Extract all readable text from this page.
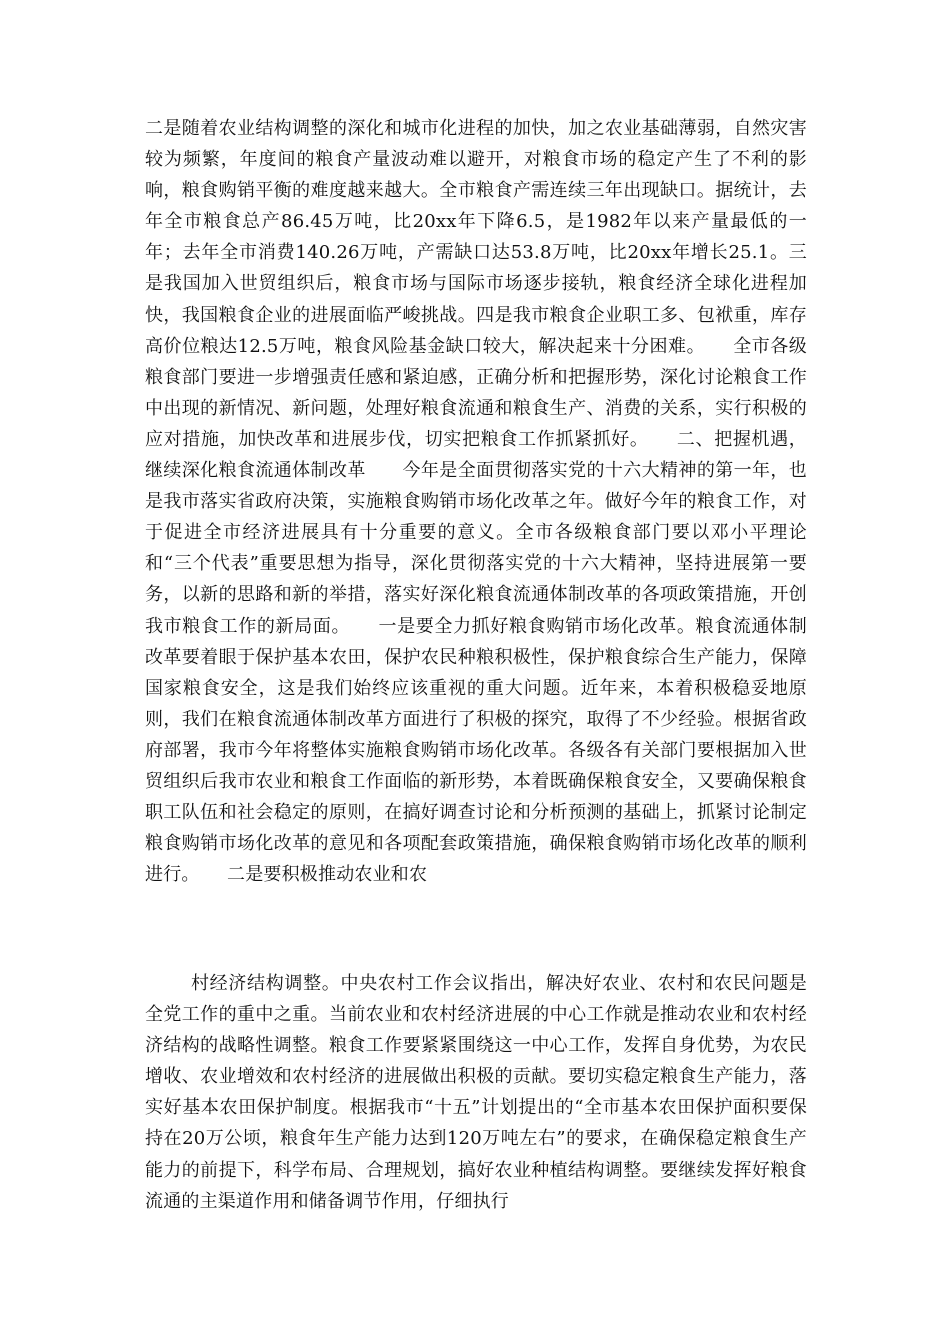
二是随着农业结构调整的深化和城市化进程的加快，加之农业基础薄弱，自然灾害较为频繁，年度间的粮食产量波动难以避开，对粮食市场的稳定产生了不利的影响，粮食购销平衡的难度越来越大。全市粮食产需连续三年出现缺口。据统计，去年全市粮食总产86.45万吨，比20xx年下降6.5，是1982年以来产量最低的一年；去年全市消费140.26万吨，产需缺口达53.8万吨，比20xx年增长25.1。三是我国加入世贸组织后，粮食市场与国际市场逐步接轨，粮食经济全球化进程加快，我国粮食企业的进展面临严峻挑战。四是我市粮食企业职工多、包袱重，库存高价位粮达12.5万吨，粮食风险基金缺口较大，解决起来十分困难。　　全市各级粮食部门要进一步增强责任感和紧迫感，正确分析和把握形势，深化讨论粮食工作中出现的新情况、新问题，处理好粮食流通和粮食生产、消费的关系，实行积极的应对措施，加快改革和进展步伐，切实把粮食工作抓紧抓好。　　二、把握机遇，继续深化粮食流通体制改革　　今年是全面贯彻落实党的十六大精神的第一年，也是我市落实省政府决策，实施粮食购销市场化改革之年。做好今年的粮食工作，对于促进全市经济进展具有十分重要的意义。全市各级粮食部门要以邓小平理论和“三个代表”重要思想为指导，深化贯彻落实党的十六大精神，坚持进展第一要务，以新的思路和新的举措，落实好深化粮食流通体制改革的各项政策措施，开创我市粮食工作的新局面。　　一是要全力抓好粮食购销市场化改革。粮食流通体制改革要着眼于保护基本农田，保护农民种粮积极性，保护粮食综合生产能力，保障国家粮食安全，这是我们始终应该重视的重大问题。近年来，本着积极稳妥地原则，我们在粮食流通体制改革方面进行了积极的探究，取得了不少经验。根据省政府部署，我市今年将整体实施粮食购销市场化改革。各级各有关部门要根据加入世贸组织后我市农业和粮食工作面临的新形势，本着既确保粮食安全，又要确保粮食职工队伍和社会稳定的原则，在搞好调查讨论和分析预测的基础上，抓紧讨论制定粮食购销市场化改革的意见和各项配套政策措施，确保粮食购销市场化改革的顺利进行。　　二是要积极推动农业和农

村经济结构调整。中央农村工作会议指出，解决好农业、农村和农民问题是全党工作的重中之重。当前农业和农村经济进展的中心工作就是推动农业和农村经济结构的战略性调整。粮食工作要紧紧围绕这一中心工作，发挥自身优势，为农民增收、农业增效和农村经济的进展做出积极的贡献。要切实稳定粮食生产能力，落实好基本农田保护制度。根据我市“十五”计划提出的“全市基本农田保护面积要保持在20万公顷，粮食年生产能力达到120万吨左右”的要求，在确保稳定粮食生产能力的前提下，科学布局、合理规划，搞好农业种植结构调整。要继续发挥好粮食流通的主渠道作用和储备调节作用，仔细执行
